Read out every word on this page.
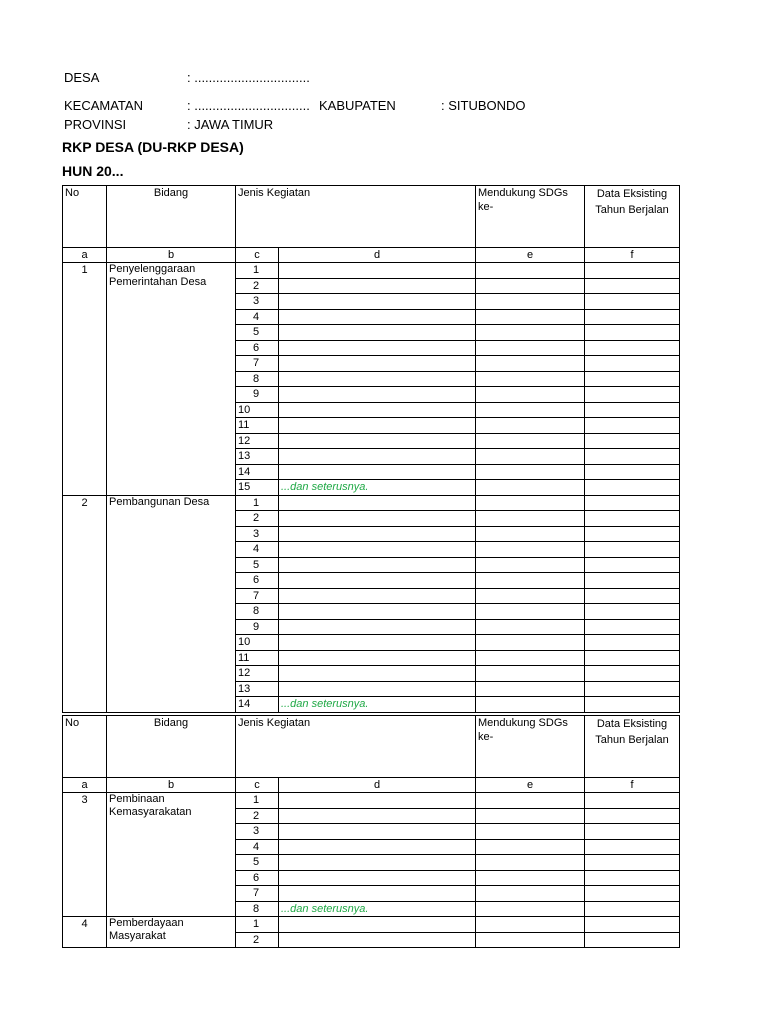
DESA	: ................................
KECAMATAN	: ................................ KABUPATEN	: SITUBONDO
PROVINSI	: JAWA TIMUR
RKP DESA (DU-RKP DESA)
HUN 20...
No	Bidang	Jenis Kegiatan		Mendukung SDGs ke-	Data Eksisting Tahun Berjalan
a	b	c	d	e	f
1	Penyelenggaraan Pemerintahan Desa	1			
		2			
		3			
		4			
		5			
		6			
		7			
		8			
		9			
		10			
		11			
		12			
		13			
		14			
		15	...dan seterusnya.		
2	Pembangunan Desa	1			
		2			
		3			
		4			
		5			
		6			
		7			
		8			
		9			
		10			
		11			
		12			
		13			
		14	...dan seterusnya.		
No	Bidang	Jenis Kegiatan		Mendukung SDGs ke-	Data Eksisting Tahun Berjalan
a	b	c	d	e	f
3	Pembinaan Kemasyarakatan	1			
		2			
		3			
		4			
		5			
		6			
		7			
		8	...dan seterusnya.		
4	Pemberdayaan Masyarakat	1			
		2			
